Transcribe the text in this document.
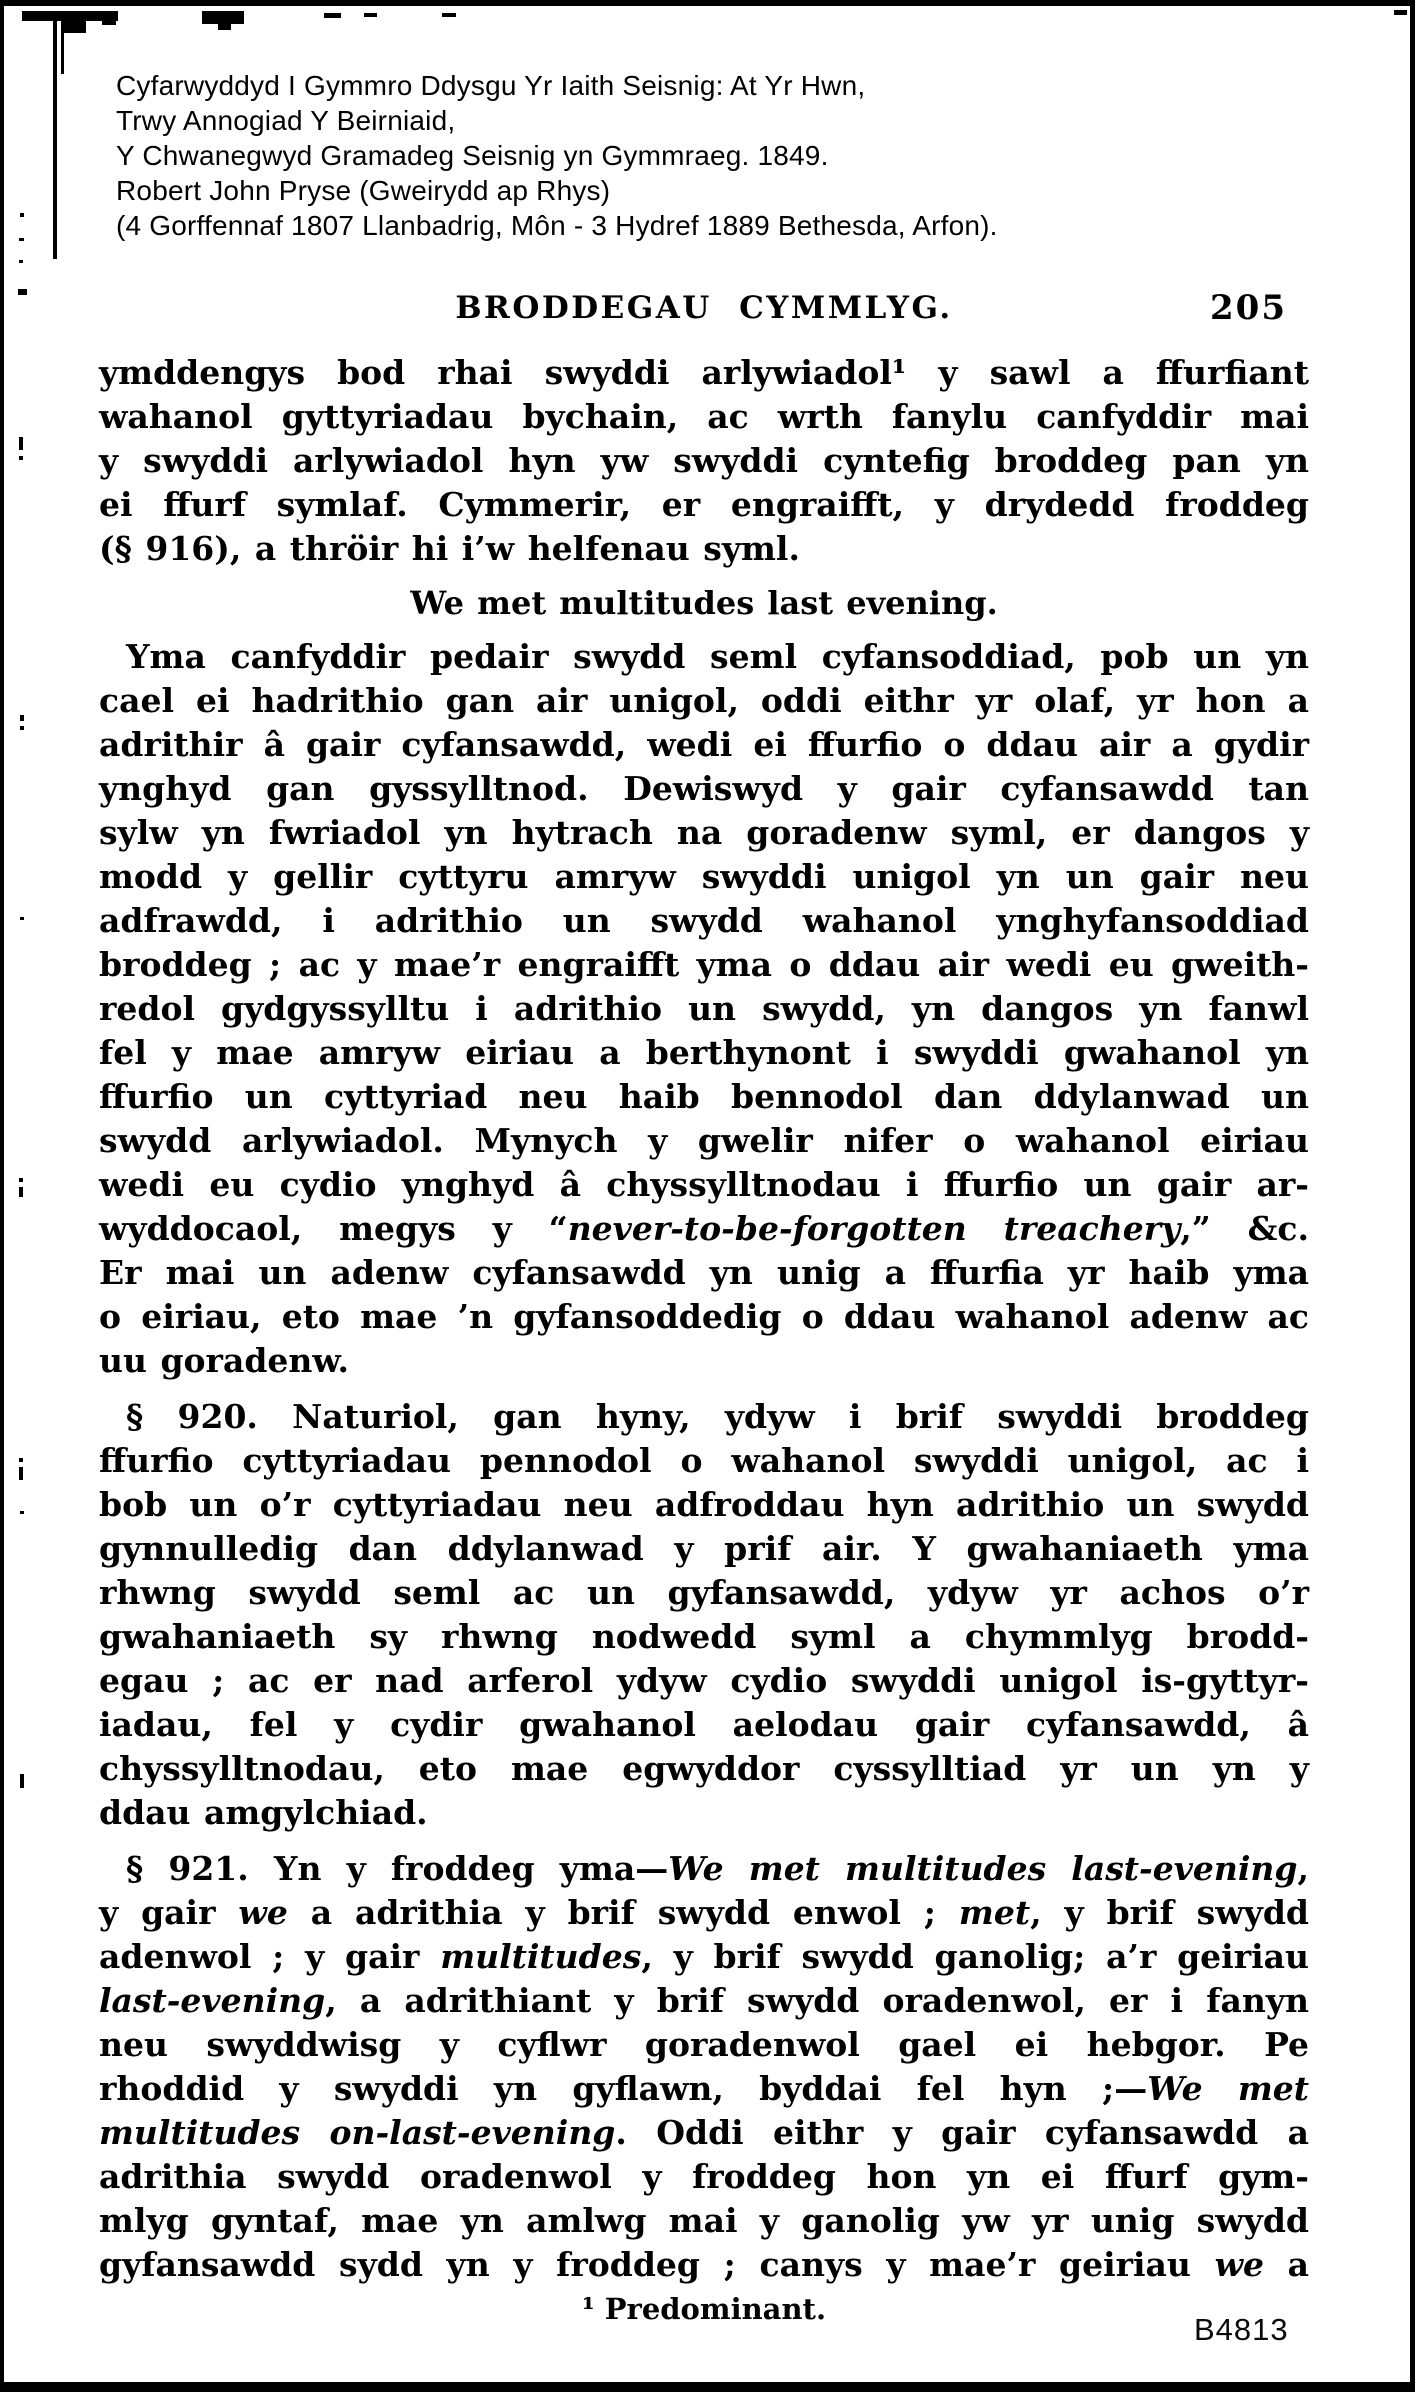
Cyfarwyddyd I Gymmro Ddysgu Yr Iaith Seisnig: At Yr Hwn,
Trwy Annogiad Y Beirniaid,
Y Chwanegwyd Gramadeg Seisnig yn Gymmraeg. 1849.
Robert John Pryse (Gweirydd ap Rhys)
(4 Gorffennaf 1807 Llanbadrig, Môn - 3 Hydref 1889 Bethesda, Arfon).
BRODDEGAU CYMMLYG.	205
ymddengys bod rhai swyddi arlywiadol¹ y sawl a ffurfiant
wahanol gyttyriadau bychain, ac wrth fanylu canfyddir mai
y swyddi arlywiadol hyn yw swyddi cyntefig broddeg pan yn
ei ffurf symlaf. Cymmerir, er engraifft, y drydedd froddeg
(§ 916), a thröir hi i’w helfenau syml.
We met multitudes last evening.
Yma canfyddir pedair swydd seml cyfansoddiad, pob un yn
cael ei hadrithio gan air unigol, oddi eithr yr olaf, yr hon a
adrithir â gair cyfansawdd, wedi ei ffurfio o ddau air a gydir
ynghyd gan gyssylltnod. Dewiswyd y gair cyfansawdd tan
sylw yn fwriadol yn hytrach na goradenw syml, er dangos y
modd y gellir cyttyru amryw swyddi unigol yn un gair neu
adfrawdd, i adrithio un swydd wahanol ynghyfansoddiad
broddeg ; ac y mae’r engraifft yma o ddau air wedi eu gweith-
redol gydgyssylltu i adrithio un swydd, yn dangos yn fanwl
fel y mae amryw eiriau a berthynont i swyddi gwahanol yn
ffurfio un cyttyriad neu haib bennodol dan ddylanwad un
swydd arlywiadol. Mynych y gwelir nifer o wahanol eiriau
wedi eu cydio ynghyd â chyssylltnodau i ffurfio un gair ar-
wyddocaol, megys y “never-to-be-forgotten treachery,” &c.
Er mai un adenw cyfansawdd yn unig a ffurfia yr haib yma
o eiriau, eto mae ’n gyfansoddedig o ddau wahanol adenw ac
uu goradenw.
§ 920. Naturiol, gan hyny, ydyw i brif swyddi broddeg
ffurfio cyttyriadau pennodol o wahanol swyddi unigol, ac i
bob un o’r cyttyriadau neu adfroddau hyn adrithio un swydd
gynnulledig dan ddylanwad y prif air. Y gwahaniaeth yma
rhwng swydd seml ac un gyfansawdd, ydyw yr achos o’r
gwahaniaeth sy rhwng nodwedd syml a chymmlyg brodd-
egau ; ac er nad arferol ydyw cydio swyddi unigol is-gyttyr-
iadau, fel y cydir gwahanol aelodau gair cyfansawdd, â
chyssylltnodau, eto mae egwyddor cyssylltiad yr un yn y
ddau amgylchiad.
§ 921. Yn y froddeg yma—We met multitudes last-evening,
y gair we a adrithia y brif swydd enwol ; met, y brif swydd
adenwol ; y gair multitudes, y brif swydd ganolig; a’r geiriau
last-evening, a adrithiant y brif swydd oradenwol, er i fanyn
neu swyddwisg y cyflwr goradenwol gael ei hebgor. Pe
rhoddid y swyddi yn gyflawn, byddai fel hyn ;—We met
multitudes on-last-evening. Oddi eithr y gair cyfansawdd a
adrithia swydd oradenwol y froddeg hon yn ei ffurf gym-
mlyg gyntaf, mae yn amlwg mai y ganolig yw yr unig swydd
gyfansawdd sydd yn y froddeg ; canys y mae’r geiriau we a
¹ Predominant.
B4813
